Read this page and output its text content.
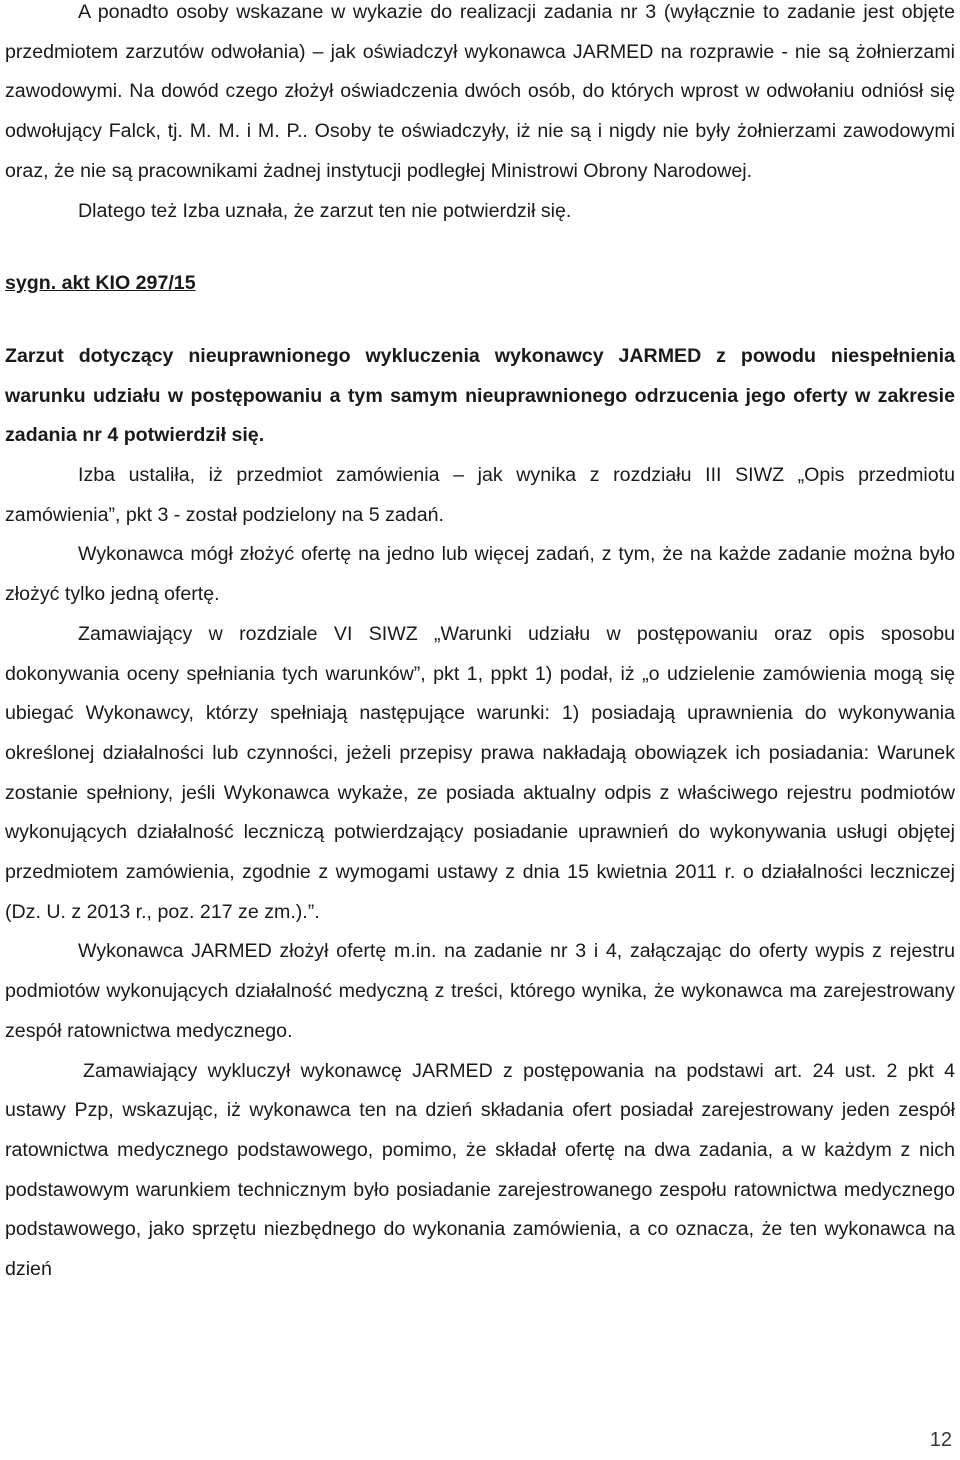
A ponadto osoby wskazane w wykazie do realizacji zadania nr 3 (wyłącznie to zadanie jest objęte przedmiotem zarzutów odwołania) – jak oświadczył wykonawca JARMED na rozprawie - nie są żołnierzami zawodowymi. Na dowód czego złożył oświadczenia dwóch osób, do których wprost w odwołaniu odniósł się odwołujący Falck, tj. M. M. i M. P.. Osoby te oświadczyły, iż nie są i nigdy nie były żołnierzami zawodowymi oraz, że nie są pracownikami żadnej instytucji podległej Ministrowi Obrony Narodowej.

Dlatego też Izba uznała, że zarzut ten nie potwierdził się.

sygn. akt KIO 297/15

Zarzut dotyczący nieuprawnionego wykluczenia wykonawcy JARMED z powodu niespełnienia warunku udziału w postępowaniu a tym samym nieuprawnionego odrzucenia jego oferty w zakresie zadania nr 4 potwierdził się.

Izba ustaliła, iż przedmiot zamówienia – jak wynika z rozdziału III SIWZ „Opis przedmiotu zamówienia”, pkt 3 - został podzielony na 5 zadań.

Wykonawca mógł złożyć ofertę na jedno lub więcej zadań, z tym, że na każde zadanie można było złożyć tylko jedną ofertę.

Zamawiający w rozdziale VI SIWZ „Warunki udziału w postępowaniu oraz opis sposobu dokonywania oceny spełniania tych warunków”, pkt 1, ppkt 1) podał, iż „o udzielenie zamówienia mogą się ubiegać Wykonawcy, którzy spełniają następujące warunki: 1) posiadają uprawnienia do wykonywania określonej działalności lub czynności, jeżeli przepisy prawa nakładają obowiązek ich posiadania: Warunek zostanie spełniony, jeśli Wykonawca wykaże, ze posiada aktualny odpis z właściwego rejestru podmiotów wykonujących działalność leczniczą potwierdzający posiadanie uprawnień do wykonywania usługi objętej przedmiotem zamówienia, zgodnie z wymogami ustawy z dnia 15 kwietnia 2011 r. o działalności leczniczej (Dz. U. z 2013 r., poz. 217 ze zm.).”.

Wykonawca JARMED złożył ofertę m.in. na zadanie nr 3 i 4, załączając do oferty wypis z rejestru podmiotów wykonujących działalność medyczną z treści, którego wynika, że wykonawca ma zarejestrowany zespół ratownictwa medycznego.

Zamawiający wykluczył wykonawcę JARMED z postępowania na podstawi art. 24 ust. 2 pkt 4 ustawy Pzp, wskazując, iż wykonawca ten na dzień składania ofert posiadał zarejestrowany jeden zespół ratownictwa medycznego podstawowego, pomimo, że składał ofertę na dwa zadania, a w każdym z nich podstawowym warunkiem technicznym było posiadanie zarejestrowanego zespołu ratownictwa medycznego podstawowego, jako sprzętu niezbędnego do wykonania zamówienia, a co oznacza, że ten wykonawca na dzień

12
